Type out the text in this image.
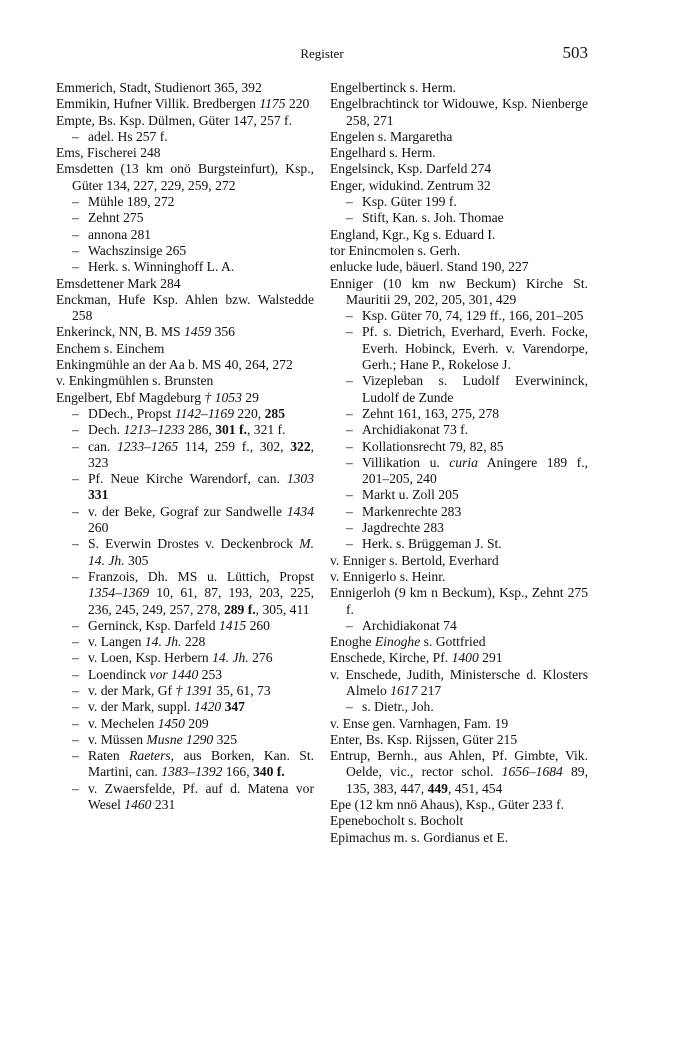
Register	503

Emmerich, Stadt, Studienort 365, 392

Emmikin, Hufner Villik. Bredbergen 1175 220

Empte, Bs. Ksp. Dülmen, Güter 147, 257 f.

– adel. Hs 257 f.

Ems, Fischerei 248

Emsdetten (13 km onö Burgsteinfurt), Ksp., Güter 134, 227, 229, 259, 272

– Mühle 189, 272

– Zehnt 275

– annona 281

– Wachszinsige 265

– Herk. s. Winninghoff L. A.

Emsdettener Mark 284

Enckman, Hufe Ksp. Ahlen bzw. Walstedde 258

Enkerinck, NN, B. MS 1459 356

Enchem s. Einchem

Enkingmühle an der Aa b. MS 40, 264, 272

v. Enkingmühlen s. Brunsten

Engelbert, Ebf Magdeburg † 1053 29

– DDech., Propst 1142–1169 220, 285

– Dech. 1213–1233 286, 301 f., 321 f.

– can. 1233–1265 114, 259 f., 302, 322, 323

– Pf. Neue Kirche Warendorf, can. 1303 331

– v. der Beke, Gograf zur Sandwelle 1434 260

– S. Everwin Drostes v. Deckenbrock M. 14. Jh. 305

– Franzois, Dh. MS u. Lüttich, Propst 1354–1369 10, 61, 87, 193, 203, 225, 236, 245, 249, 257, 278, 289 f., 305, 411

– Gerninck, Ksp. Darfeld 1415 260

– v. Langen 14. Jh. 228

– v. Loen, Ksp. Herbern 14. Jh. 276

– Loendinck vor 1440 253

– v. der Mark, Gf † 1391 35, 61, 73

– v. der Mark, suppl. 1420 347

– v. Mechelen 1450 209

– v. Müssen Musne 1290 325

– Raten Raeters, aus Borken, Kan. St. Martini, can. 1383–1392 166, 340 f.

– v. Zwaersfelde, Pf. auf d. Matena vor Wesel 1460 231

Engelbertinck s. Herm.

Engelbrachtinck tor Widouwe, Ksp. Nienberge 258, 271

Engelen s. Margaretha

Engelhard s. Herm.

Engelsinck, Ksp. Darfeld 274

Enger, widukind. Zentrum 32

– Ksp. Güter 199 f.

– Stift, Kan. s. Joh. Thomae

England, Kgr., Kg s. Eduard I.

tor Enincmolen s. Gerh.

enlucke lude, bäuerl. Stand 190, 227

Enniger (10 km nw Beckum) Kirche St. Mauritii 29, 202, 205, 301, 429

– Ksp. Güter 70, 74, 129 ff., 166, 201–205

– Pf. s. Dietrich, Everhard, Everh. Focke, Everh. Hobinck, Everh. v. Varendorpe, Gerh.; Hane P., Rokelose J.

– Vizepleban s. Ludolf Everwininck, Ludolf de Zunde

– Zehnt 161, 163, 275, 278

– Archidiakonat 73 f.

– Kollationsrecht 79, 82, 85

– Villikation u. curia Aningere 189 f., 201–205, 240

– Markt u. Zoll 205

– Markenrechte 283

– Jagdrechte 283

– Herk. s. Brüggeman J. St.

v. Enniger s. Bertold, Everhard

v. Ennigerlo s. Heinr.

Ennigerloh (9 km n Beckum), Ksp., Zehnt 275 f.

– Archidiakonat 74

Enoghe Einoghe s. Gottfried

Enschede, Kirche, Pf. 1400 291

v. Enschede, Judith, Ministersche d. Klosters Almelo 1617 217

– s. Dietr., Joh.

v. Ense gen. Varnhagen, Fam. 19

Enter, Bs. Ksp. Rijssen, Güter 215

Entrup, Bernh., aus Ahlen, Pf. Gimbte, Vik. Oelde, vic., rector schol. 1656–1684 89, 135, 383, 447, 449, 451, 454

Epe (12 km nnö Ahaus), Ksp., Güter 233 f.

Epenebocholt s. Bocholt

Epimachus m. s. Gordianus et E.
